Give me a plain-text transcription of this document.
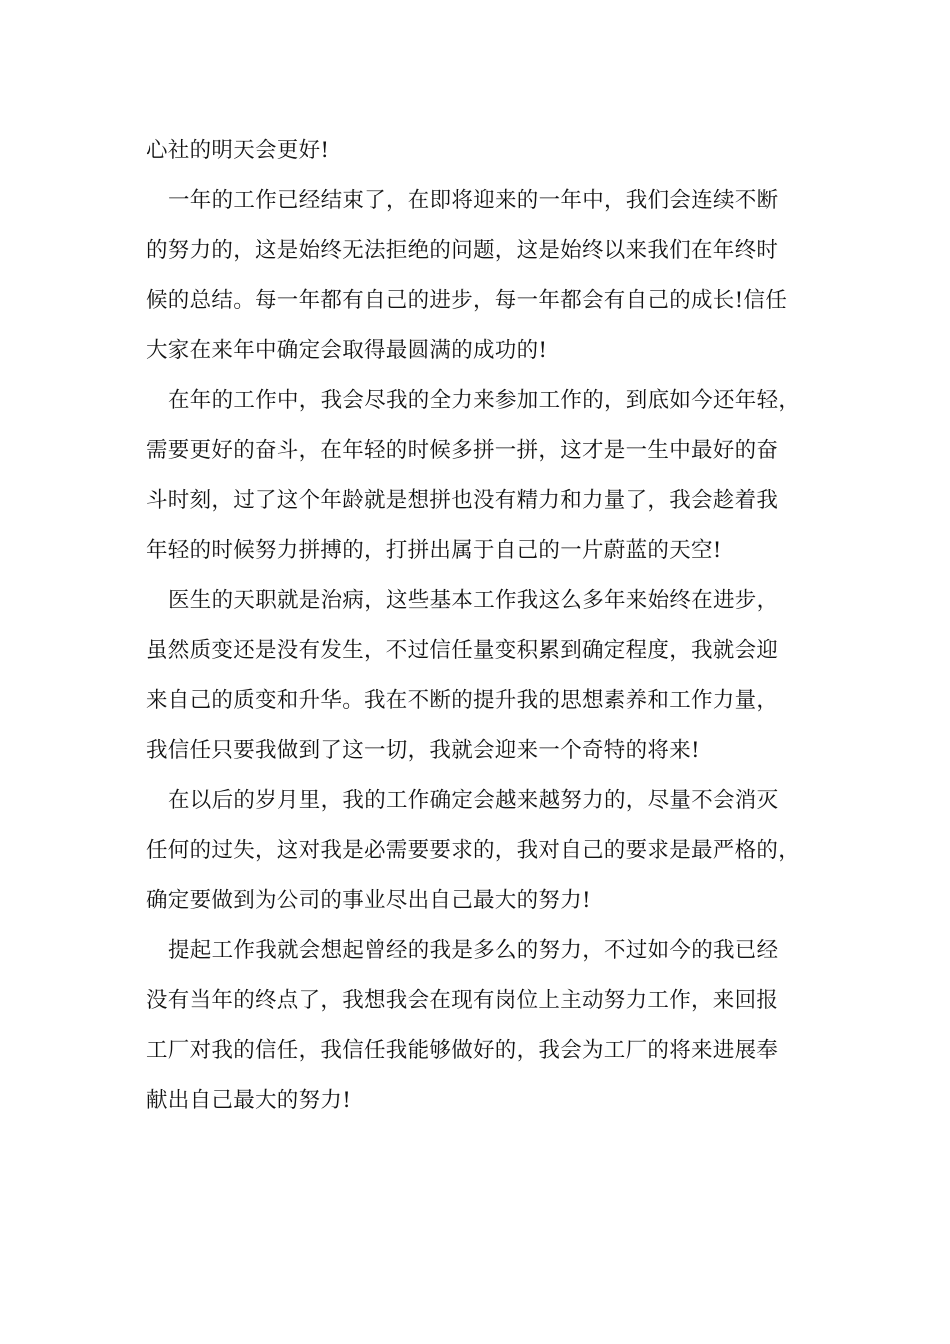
心社的明天会更好!
一年的工作已经结束了，在即将迎来的一年中，我们会连续不断
的努力的，这是始终无法拒绝的问题，这是始终以来我们在年终时
候的总结。每一年都有自己的进步，每一年都会有自己的成长!信任
大家在来年中确定会取得最圆满的成功的!
在年的工作中，我会尽我的全力来参加工作的，到底如今还年轻，
需要更好的奋斗，在年轻的时候多拼一拼，这才是一生中最好的奋
斗时刻，过了这个年龄就是想拼也没有精力和力量了，我会趁着我
年轻的时候努力拼搏的，打拼出属于自己的一片蔚蓝的天空!
医生的天职就是治病，这些基本工作我这么多年来始终在进步，
虽然质变还是没有发生，不过信任量变积累到确定程度，我就会迎
来自己的质变和升华。我在不断的提升我的思想素养和工作力量，
我信任只要我做到了这一切，我就会迎来一个奇特的将来!
在以后的岁月里，我的工作确定会越来越努力的，尽量不会消灭
任何的过失，这对我是必需要要求的，我对自己的要求是最严格的，
确定要做到为公司的事业尽出自己最大的努力!
提起工作我就会想起曾经的我是多么的努力，不过如今的我已经
没有当年的终点了，我想我会在现有岗位上主动努力工作，来回报
工厂对我的信任，我信任我能够做好的，我会为工厂的将来进展奉
献出自己最大的努力!
